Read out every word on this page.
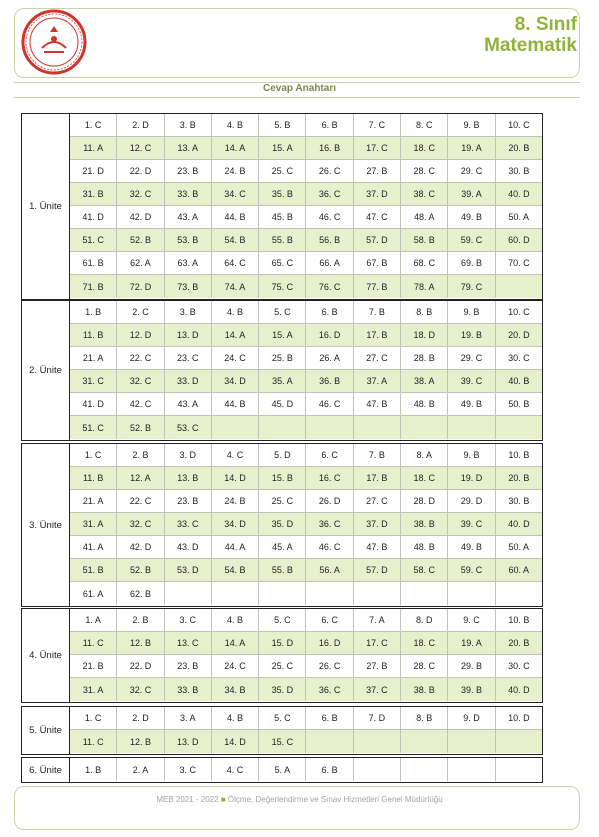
8. Sınıf
Matematik
Cevap Anahtarı
1. Ünite
1. C	2. D	3. B	4. B	5. B	6. B	7. C	8. C	9. B	10. C
11. A	12. C	13. A	14. A	15. A	16. B	17. C	18. C	19. A	20. B
21. D	22. D	23. B	24. B	25. C	26. C	27. B	28. C	29. C	30. B
31. B	32. C	33. B	34. C	35. B	36. C	37. D	38. C	39. A	40. D
41. D	42. D	43. A	44. B	45. B	46. C	47. C	48. A	49. B	50. A
51. C	52. B	53. B	54. B	55. B	56. B	57. D	58. B	59. C	60. D
61. B	62. A	63. A	64. C	65. C	66. A	67. B	68. C	69. B	70. C
71. B	72. D	73. B	74. A	75. C	76. C	77. B	78. A	79. C
2. Ünite
1. B	2. C	3. B	4. B	5. C	6. B	7. B	8. B	9. B	10. C
11. B	12. D	13. D	14. A	15. A	16. D	17. B	18. D	19. B	20. D
21. A	22. C	23. C	24. C	25. B	26. A	27. C	28. B	29. C	30. C
31. C	32. C	33. D	34. D	35. A	36. B	37. A	38. A	39. C	40. B
41. D	42. C	43. A	44. B	45. D	46. C	47. B	48. B	49. B	50. B
51. C	52. B	53. C
3. Ünite
1. C	2. B	3. D	4. C	5. D	6. C	7. B	8. A	9. B	10. B
11. B	12. A	13. B	14. D	15. B	16. C	17. B	18. C	19. D	20. B
21. A	22. C	23. B	24. B	25. C	26. D	27. C	28. D	29. D	30. B
31. A	32. C	33. C	34. D	35. D	36. C	37. D	38. B	39. C	40. D
41. A	42. D	43. D	44. A	45. A	46. C	47. B	48. B	49. B	50. A
51. B	52. B	53. D	54. B	55. B	56. A	57. D	58. C	59. C	60. A
61. A	62. B
4. Ünite
1. A	2. B	3. C	4. B	5. C	6. C	7. A	8. D	9. C	10. B
11. C	12. B	13. C	14. A	15. D	16. D	17. C	18. C	19. A	20. B
21. B	22. D	23. B	24. C	25. C	26. C	27. B	28. C	29. B	30. C
31. A	32. C	33. B	34. B	35. D	36. C	37. C	38. B	39. B	40. D
5. Ünite
1. C	2. D	3. A	4. B	5. C	6. B	7. D	8. B	9. D	10. D
11. C	12. B	13. D	14. D	15. C
6. Ünite	1. B	2. A	3. C	4. C	5. A	6. B
MEB 2021 - 2022 ■ Ölçme, Değerlendirme ve Sınav Hizmetleri Genel Müdürlüğü
